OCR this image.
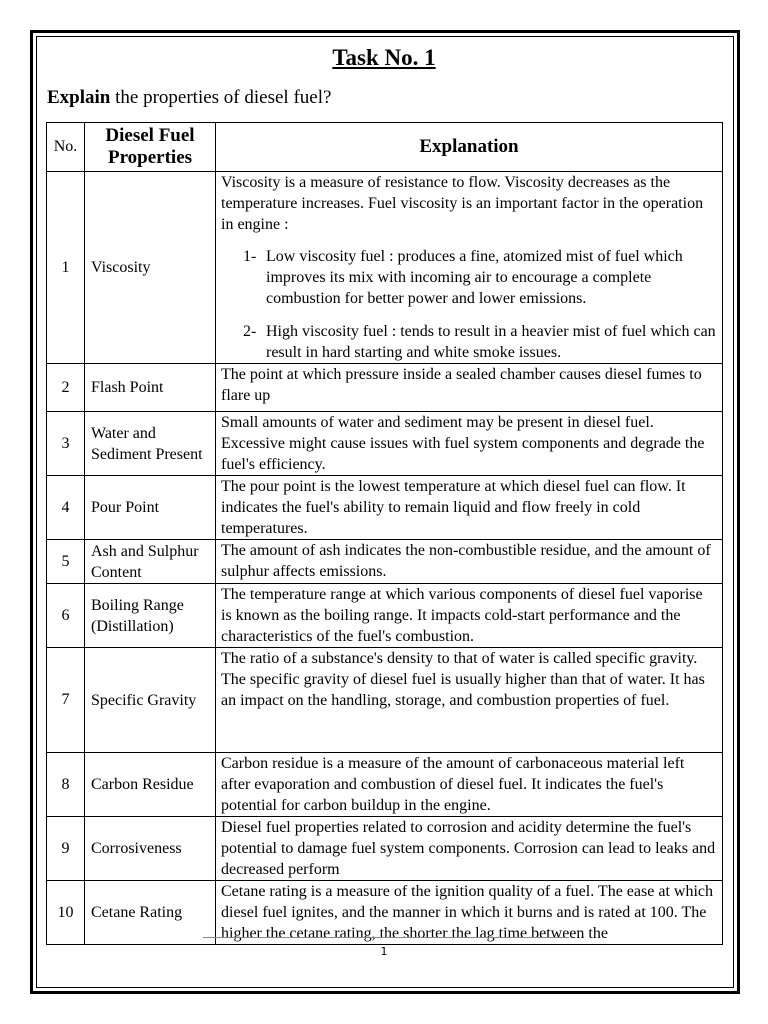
Task No. 1
Explain the properties of diesel fuel?
No.	Diesel Fuel Properties	Explanation
1	Viscosity	Viscosity is a measure of resistance to flow. Viscosity decreases as the temperature increases. Fuel viscosity is an important factor in the operation in engine :
1- Low viscosity fuel : produces a fine, atomized mist of fuel which improves its mix with incoming air to encourage a complete combustion for better power and lower emissions.
2- High viscosity fuel : tends to result in a heavier mist of fuel which can result in hard starting and white smoke issues.

2	Flash Point	The point at which pressure inside a sealed chamber causes diesel fumes to flare up
3	Water and Sediment Present	Small amounts of water and sediment may be present in diesel fuel. Excessive might cause issues with fuel system components and degrade the fuel's efficiency.
4	Pour Point	The pour point is the lowest temperature at which diesel fuel can flow. It indicates the fuel's ability to remain liquid and flow freely in cold temperatures.
5	Ash and Sulphur Content	The amount of ash indicates the non-combustible residue, and the amount of sulphur affects emissions.
6	Boiling Range (Distillation)	The temperature range at which various components of diesel fuel vaporise is known as the boiling range. It impacts cold-start performance and the characteristics of the fuel's combustion.
7	Specific Gravity	The ratio of a substance's density to that of water is called specific gravity. The specific gravity of diesel fuel is usually higher than that of water. It has an impact on the handling, storage, and combustion properties of fuel.
8	Carbon Residue	Carbon residue is a measure of the amount of carbonaceous material left after evaporation and combustion of diesel fuel. It indicates the fuel's potential for carbon buildup in the engine.
9	Corrosiveness	Diesel fuel properties related to corrosion and acidity determine the fuel's potential to damage fuel system components. Corrosion can lead to leaks and decreased perform
10	Cetane Rating	Cetane rating is a measure of the ignition quality of a fuel. The ease at which diesel fuel ignites, and the manner in which it burns and is rated at 100. The higher the cetane rating, the shorter the lag time between the
1
